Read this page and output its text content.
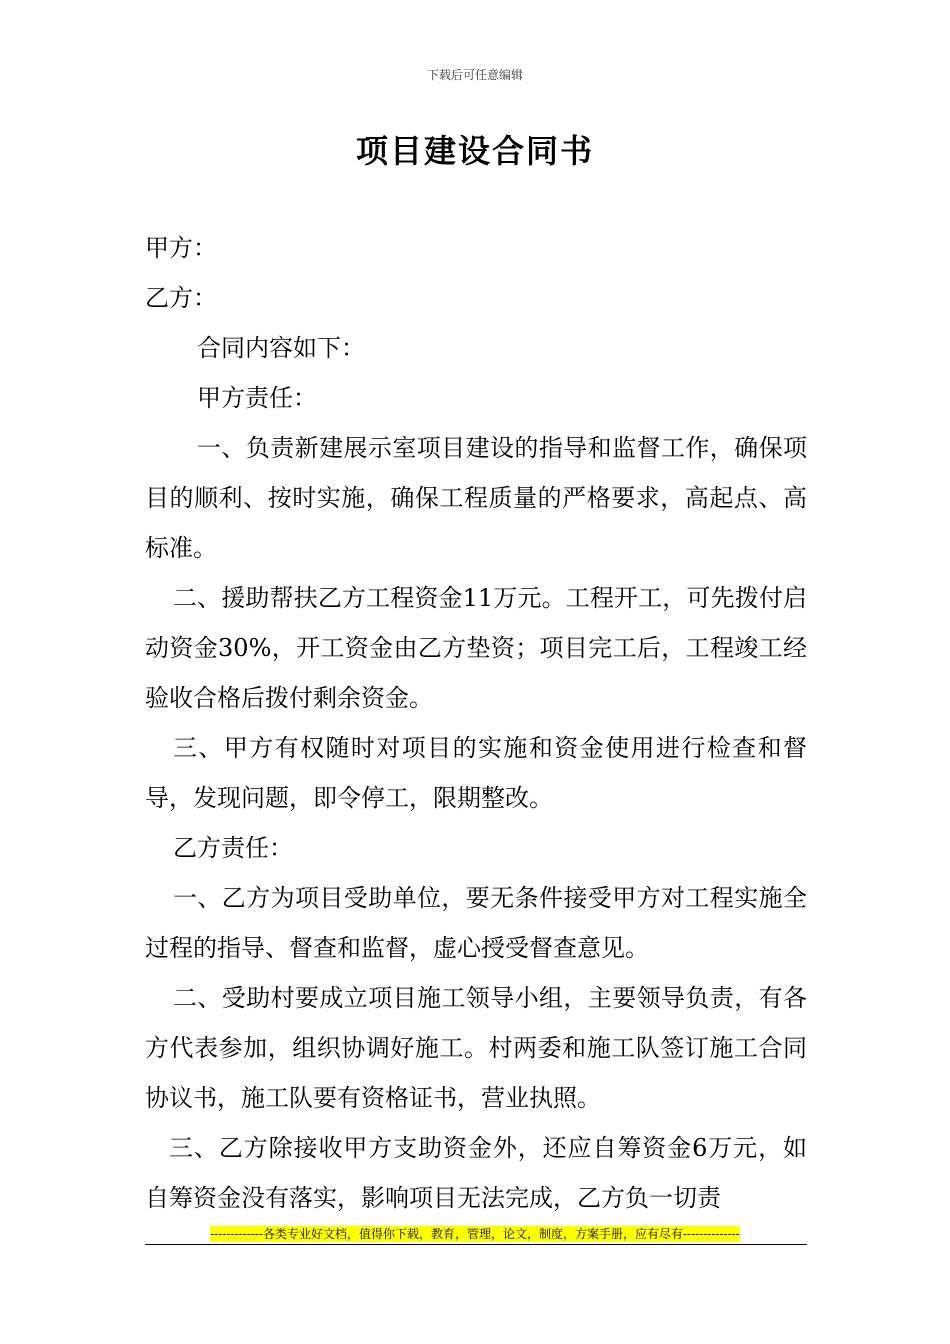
下载后可任意编辑
项目建设合同书
甲方：
乙方：
合同内容如下：
甲方责任：
一、负责新建展示室项目建设的指导和监督工作，确保项目的顺利、按时实施，确保工程质量的严格要求，高起点、高标准。
二、援助帮扶乙方工程资金11万元。工程开工，可先拨付启动资金30%，开工资金由乙方垫资；项目完工后，工程竣工经验收合格后拨付剩余资金。
三、甲方有权随时对项目的实施和资金使用进行检查和督导，发现问题，即令停工，限期整改。
乙方责任：
一、乙方为项目受助单位，要无条件接受甲方对工程实施全过程的指导、督查和监督，虚心授受督查意见。
二、受助村要成立项目施工领导小组，主要领导负责，有各方代表参加，组织协调好施工。村两委和施工队签订施工合同协议书，施工队要有资格证书，营业执照。
三、乙方除接收甲方支助资金外，还应自筹资金6万元，如自筹资金没有落实，影响项目无法完成，乙方负一切责
-------------各类专业好文档，值得你下载，教育，管理，论文，制度，方案手册，应有尽有--------------
